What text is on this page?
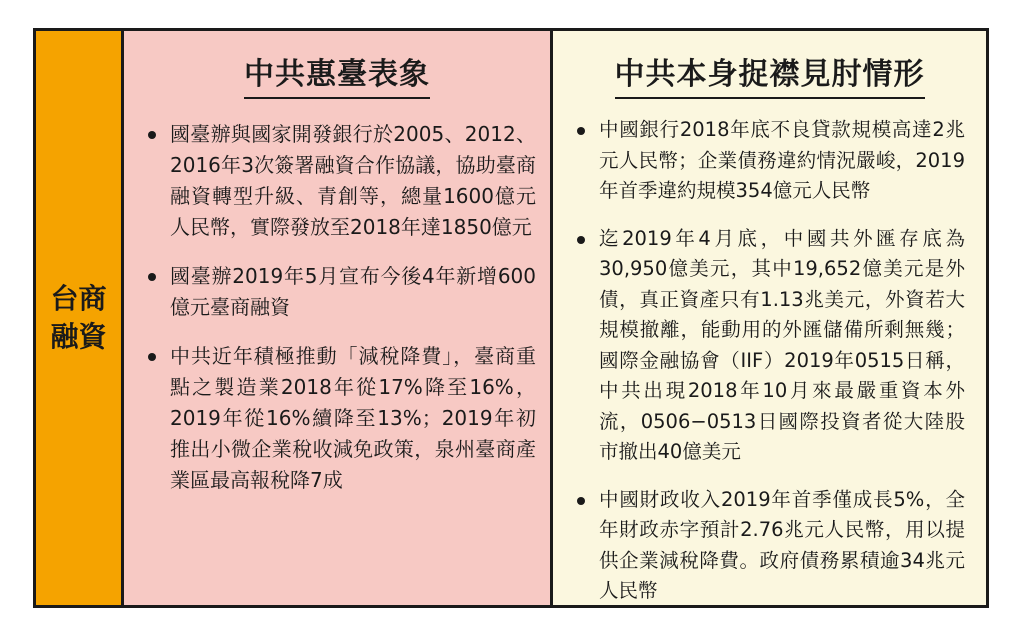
台商
融資
中共惠臺表象
國臺辦與國家開發銀行於2005、2012、2016年3次簽署融資合作協議，協助臺商融資轉型升級、青創等，總量1600億元人民幣，實際發放至2018年達1850億元
國臺辦2019年5月宣布今後4年新增600億元臺商融資
中共近年積極推動「減稅降費」，臺商重點之製造業2018年從17%降至16%，2019年從16%續降至13%；2019年初推出小微企業稅收減免政策，泉州臺商產業區最高報稅降7成
中共本身捉襟見肘情形
中國銀行2018年底不良貸款規模高達2兆元人民幣；企業債務違約情況嚴峻，2019年首季違約規模354億元人民幣
迄2019年4月底，中國共外匯存底為30,950億美元，其中19,652億美元是外債，真正資產只有1.13兆美元，外資若大規模撤離，能動用的外匯儲備所剩無幾；國際金融協會（IIF）2019年0515日稱，中共出現2018年10月來最嚴重資本外流，0506−0513日國際投資者從大陸股市撤出40億美元
中國財政收入2019年首季僅成長5%，全年財政赤字預計2.76兆元人民幣，用以提供企業減稅降費。政府債務累積逾34兆元人民幣
